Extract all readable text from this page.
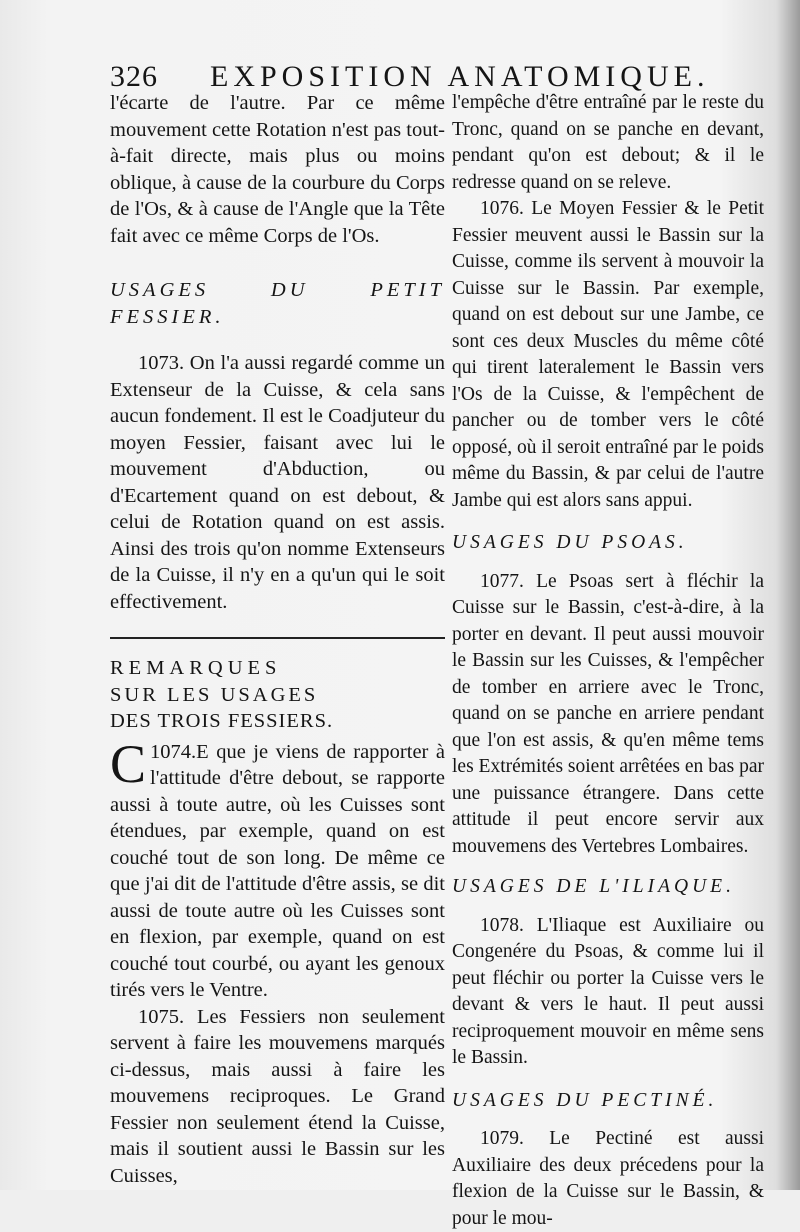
326 EXPOSITION ANATOMIQUE.

l'écarte de l'autre. Par ce même mouvement cette Rotation n'est pas tout-à-fait directe, mais plus ou moins oblique, à cause de la courbure du Corps de l'Os, & à cause de l'Angle que la Tête fait avec ce même Corps de l'Os.

USAGES DU PETIT FESSIER.

1073. On l'a aussi regardé comme un Extenseur de la Cuisse, & cela sans aucun fondement. Il est le Coadjuteur du moyen Fessier, faisant avec lui le mouvement d'Abduction, ou d'Ecartement quand on est debout, & celui de Rotation quand on est assis. Ainsi des trois qu'on nomme Extenseurs de la Cuisse, il n'y en a qu'un qui le soit effectivement.

REMARQUES

SUR LES USAGES

DES TROIS FESSIERS.

1074.
C E que je viens de rapporter à l'attitude d'être debout, se rapporte aussi à toute autre, où les Cuisses sont étendues, par exemple, quand on est couché tout de son long. De même ce que j'ai dit de l'attitude d'être assis, se dit aussi de toute autre où les Cuisses sont en flexion, par exemple, quand on est couché tout courbé, ou ayant les genoux tirés vers le Ventre.

1075. Les Fessiers non seulement servent à faire les mouvemens marqués ci-dessus, mais aussi à faire les mouvemens reciproques. Le Grand Fessier non seulement étend la Cuisse, mais il soutient aussi le Bassin sur les Cuisses,

l'empêche d'être entraîné par le reste du Tronc, quand on se panche en devant, pendant qu'on est debout; & il le redresse quand on se releve.

1076. Le Moyen Fessier & le Petit Fessier meuvent aussi le Bassin sur la Cuisse, comme ils servent à mouvoir la Cuisse sur le Bassin. Par exemple, quand on est debout sur une Jambe, ce sont ces deux Muscles du même côté qui tirent lateralement le Bassin vers l'Os de la Cuisse, & l'empêchent de pancher ou de tomber vers le côté opposé, où il seroit entraîné par le poids même du Bassin, & par celui de l'autre Jambe qui est alors sans appui.

USAGES DU PSOAS.

1077. Le Psoas sert à fléchir la Cuisse sur le Bassin, c'est-à-dire, à la porter en devant. Il peut aussi mouvoir le Bassin sur les Cuisses, & l'empêcher de tomber en arriere avec le Tronc, quand on se panche en arriere pendant que l'on est assis, & qu'en même tems les Extrémités soient arrêtées en bas par une puissance étrangere. Dans cette attitude il peut encore servir aux mouvemens des Vertebres Lombaires.

USAGES DE L'ILIAQUE.

1078. L'Iliaque est Auxiliaire ou Congenére du Psoas, & comme lui il peut fléchir ou porter la Cuisse vers le devant & vers le haut. Il peut aussi reciproquement mouvoir en même sens le Bassin.

USAGES DU PECTINÉ.

1079. Le Pectiné est aussi Auxiliaire des deux précedens pour la flexion de la Cuisse sur le Bassin, & pour le mou-
